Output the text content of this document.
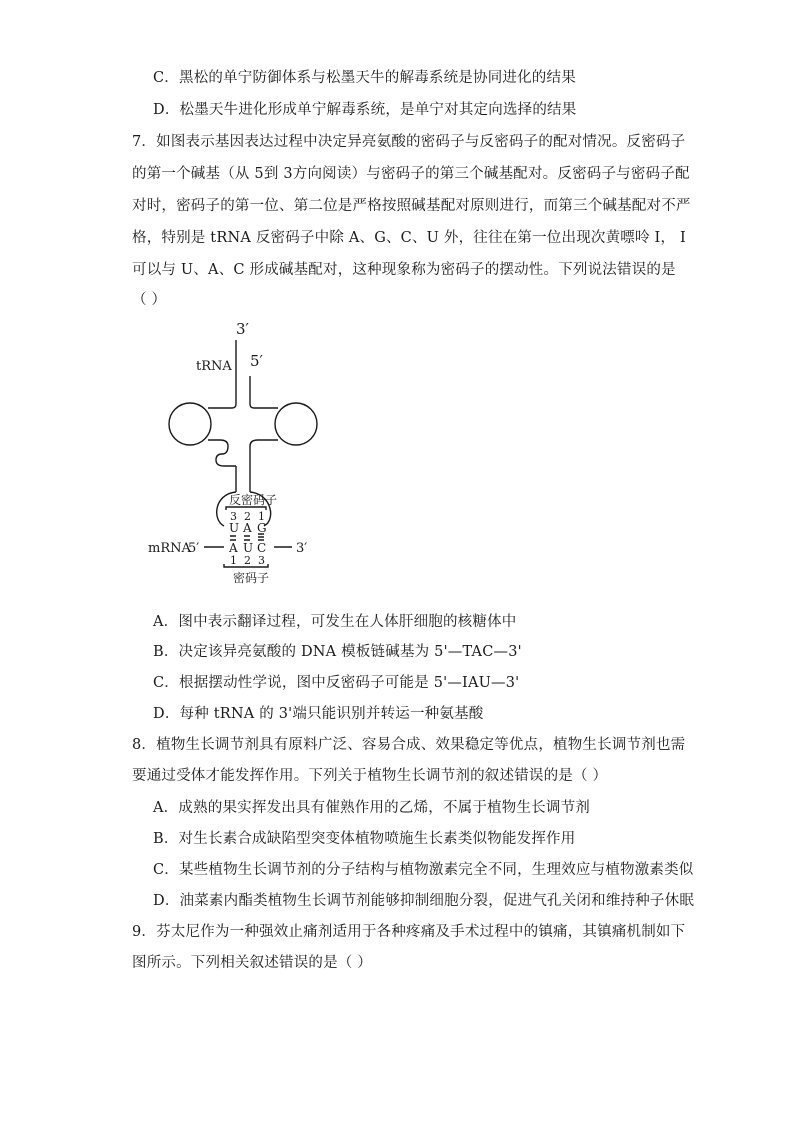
C．黑松的单宁防御体系与松墨天牛的解毒系统是协同进化的结果
D．松墨天牛进化形成单宁解毒系统，是单宁对其定向选择的结果
7．如图表示基因表达过程中决定异亮氨酸的密码子与反密码子的配对情况。反密码子
的第一个碱基（从 5到 3方向阅读）与密码子的第三个碱基配对。反密码子与密码子配
对时，密码子的第一位、第二位是严格按照碱基配对原则进行，而第三个碱基配对不严
格，特别是 tRNA 反密码子中除 A、G、C、U 外，往往在第一位出现次黄嘌呤 I， I
可以与 U、A、C 形成碱基配对，这种现象称为密码子的摆动性。下列说法错误的是
（ ）
3′
5′
tRNA
反密码子
3 2 1
U A G
mRNA
5′ A U C 3′
1 2 3
密码子
A．图中表示翻译过程，可发生在人体肝细胞的核糖体中
B．决定该异亮氨酸的 DNA 模板链碱基为 5'—TAC—3'
C．根据摆动性学说，图中反密码子可能是 5'—IAU—3'
D．每种 tRNA 的 3'端只能识别并转运一种氨基酸
8．植物生长调节剂具有原料广泛、容易合成、效果稳定等优点，植物生长调节剂也需
要通过受体才能发挥作用。下列关于植物生长调节剂的叙述错误的是（ ）
A．成熟的果实挥发出具有催熟作用的乙烯，不属于植物生长调节剂
B．对生长素合成缺陷型突变体植物喷施生长素类似物能发挥作用
C．某些植物生长调节剂的分子结构与植物激素完全不同，生理效应与植物激素类似
D．油菜素内酯类植物生长调节剂能够抑制细胞分裂，促进气孔关闭和维持种子休眠
9．芬太尼作为一种强效止痛剂适用于各种疼痛及手术过程中的镇痛，其镇痛机制如下
图所示。下列相关叙述错误的是（ ）
